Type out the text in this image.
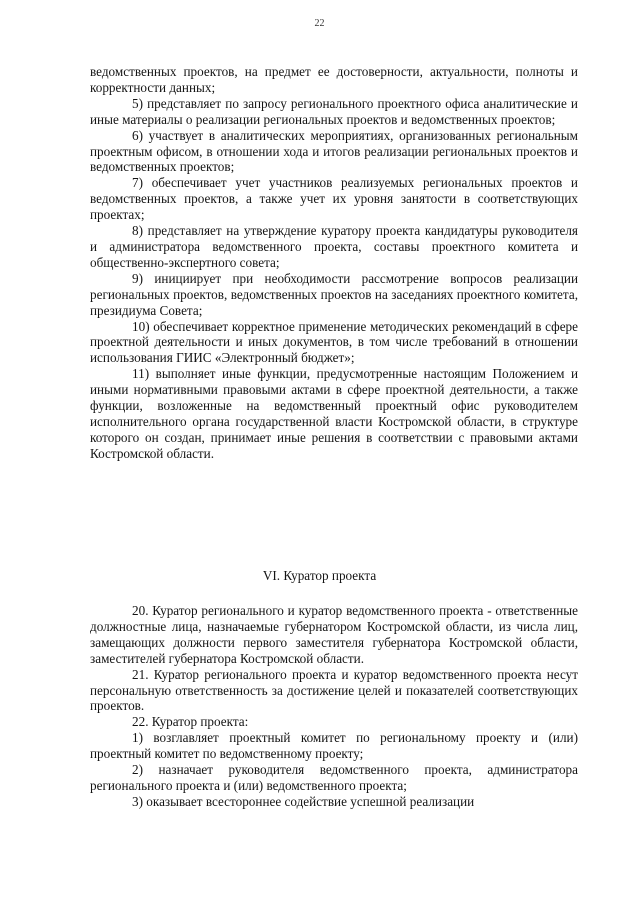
22

ведомственных проектов, на предмет ее достоверности, актуальности, полноты и корректности данных;

5) представляет по запросу регионального проектного офиса аналитические и иные материалы о реализации региональных проектов и ведомственных проектов;

6) участвует в аналитических мероприятиях, организованных региональным проектным офисом, в отношении хода и итогов реализации региональных проектов и ведомственных проектов;

7) обеспечивает учет участников реализуемых региональных проектов и ведомственных проектов, а также учет их уровня занятости в соответствующих проектах;

8) представляет на утверждение куратору проекта кандидатуры руководителя и администратора ведомственного проекта, составы проектного комитета и общественно-экспертного совета;

9) инициирует при необходимости рассмотрение вопросов реализации региональных проектов, ведомственных проектов на заседаниях проектного комитета, президиума Совета;

10) обеспечивает корректное применение методических рекомендаций в сфере проектной деятельности и иных документов, в том числе требований в отношении использования ГИИС «Электронный бюджет»;

11) выполняет иные функции, предусмотренные настоящим Положением и иными нормативными правовыми актами в сфере проектной деятельности, а также функции, возложенные на ведомственный проектный офис руководителем исполнительного органа государственной власти Костромской области, в структуре которого он создан, принимает иные решения в соответствии с правовыми актами Костромской области.

VI. Куратор проекта

20. Куратор регионального и куратор ведомственного проекта - ответственные должностные лица, назначаемые губернатором Костромской области, из числа лиц, замещающих должности первого заместителя губернатора Костромской области, заместителей губернатора Костромской области.

21. Куратор регионального проекта и куратор ведомственного проекта несут персональную ответственность за достижение целей и показателей соответствующих проектов.

22. Куратор проекта:

1) возглавляет проектный комитет по региональному проекту и (или) проектный комитет по ведомственному проекту;

2) назначает руководителя ведомственного проекта, администратора регионального проекта и (или) ведомственного проекта;

3) оказывает всестороннее содействие успешной реализации
